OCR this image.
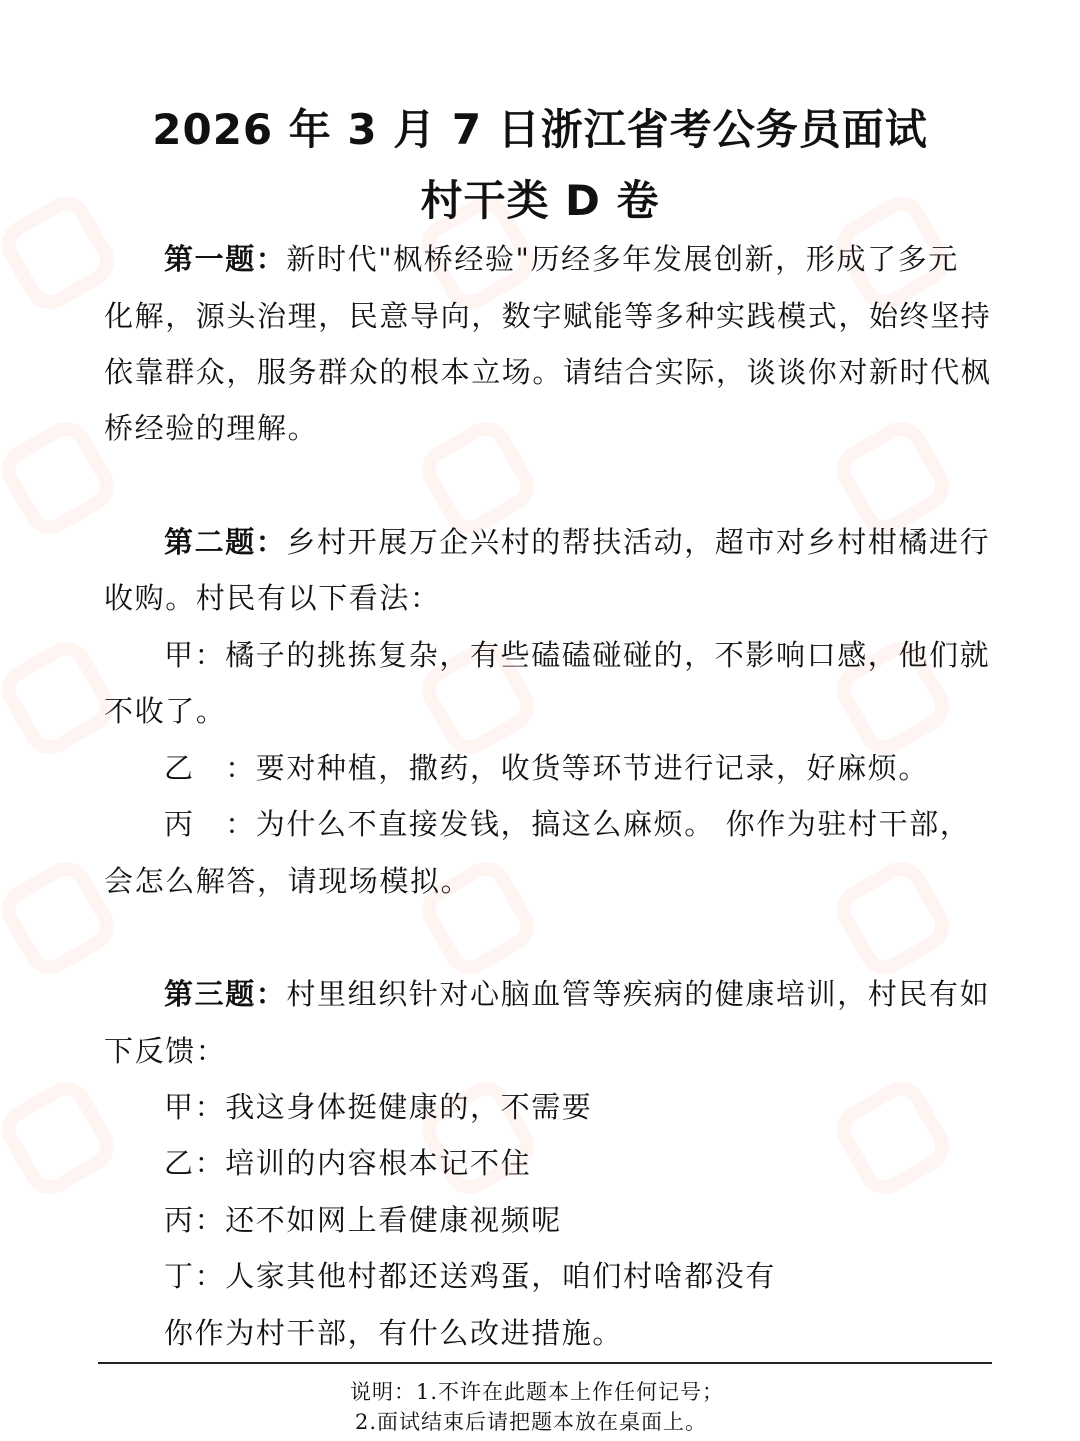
2026 年 3 月 7 日浙江省考公务员面试
村干类 D 卷
第一题：新时代"枫桥经验"历经多年发展创新，形成了多元
化解，源头治理，民意导向，数字赋能等多种实践模式，始终坚持
依靠群众，服务群众的根本立场。请结合实际，谈谈你对新时代枫
桥经验的理解。
第二题：乡村开展万企兴村的帮扶活动，超市对乡村柑橘进行
收购。村民有以下看法：
甲：橘子的挑拣复杂，有些磕磕碰碰的，不影响口感，他们就
不收了。
乙　：要对种植，撒药，收货等环节进行记录，好麻烦。
丙　：为什么不直接发钱，搞这么麻烦。 你作为驻村干部，
会怎么解答，请现场模拟。
第三题：村里组织针对心脑血管等疾病的健康培训，村民有如
下反馈：
甲：我这身体挺健康的，不需要
乙：培训的内容根本记不住
丙：还不如网上看健康视频呢
丁：人家其他村都还送鸡蛋，咱们村啥都没有
你作为村干部，有什么改进措施。
说明：1.不许在此题本上作任何记号；
2.面试结束后请把题本放在桌面上。
